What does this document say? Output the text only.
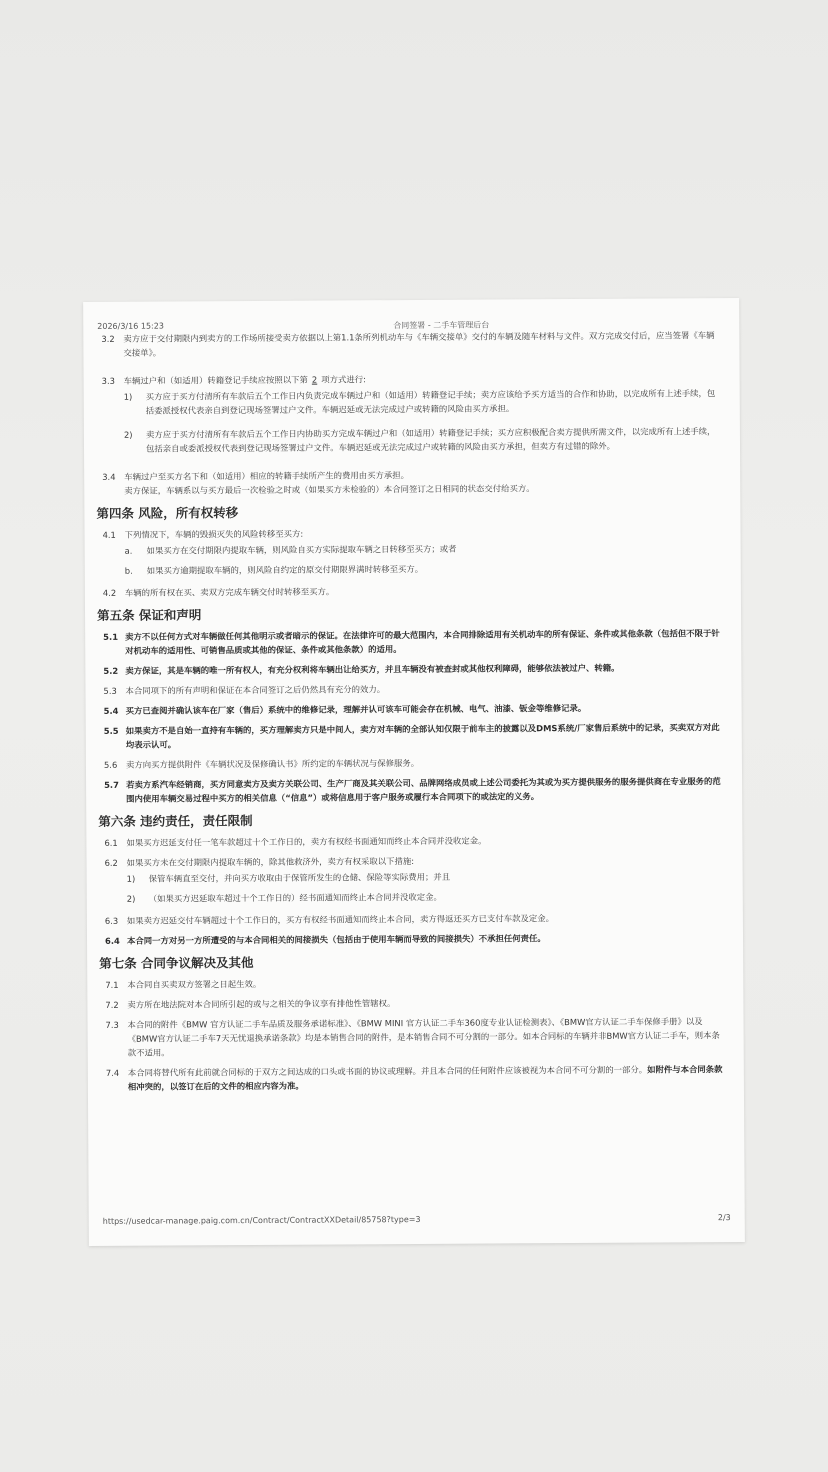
2026/3/16 15:23	合同签署 - 二手车管理后台
3.2	卖方应于交付期限内到卖方的工作场所接受卖方依据以上第1.1条所列机动车与《车辆交接单》交付的车辆及随车材料与文件。双方完成交付后，应当签署《车辆交接单》。
3.3	车辆过户和（如适用）转籍登记手续应按照以下第 2 项方式进行:
1)	买方应于买方付清所有车款后五个工作日内负责完成车辆过户和（如适用）转籍登记手续；卖方应该给予买方适当的合作和协助，以完成所有上述手续，包括委派授权代表亲自到登记现场签署过户文件。车辆迟延或无法完成过户或转籍的风险由买方承担。
2)	卖方应于买方付清所有车款后五个工作日内协助买方完成车辆过户和（如适用）转籍登记手续；买方应积极配合卖方提供所需文件，以完成所有上述手续，包括亲自或委派授权代表到登记现场签署过户文件。车辆迟延或无法完成过户或转籍的风险由买方承担，但卖方有过错的除外。
3.4	车辆过户至买方名下和（如适用）相应的转籍手续所产生的费用由买方承担。
卖方保证，车辆系以与买方最后一次检验之时或（如果买方未检验的）本合同签订之日相同的状态交付给买方。
第四条 风险，所有权转移
4.1	下列情况下，车辆的毁损灭失的风险转移至买方:
a.	如果买方在交付期限内提取车辆，则风险自买方实际提取车辆之日转移至买方；或者
b.	如果买方逾期提取车辆的，则风险自约定的原交付期限界满时转移至买方。
4.2	车辆的所有权在买、卖双方完成车辆交付时转移至买方。
第五条 保证和声明
5.1 卖方不以任何方式对车辆做任何其他明示或者暗示的保证。在法律许可的最大范围内，本合同排除适用有关机动车的所有保证、条件或其他条款（包括但不限于针对机动车的适用性、可销售品质或其他的保证、条件或其他条款）的适用。
5.2 卖方保证，其是车辆的唯一所有权人，有充分权利将车辆出让给买方，并且车辆没有被查封或其他权利障碍，能够依法被过户、转籍。
5.3	本合同项下的所有声明和保证在本合同签订之后仍然具有充分的效力。
5.4 买方已查阅并确认该车在厂家（售后）系统中的维修记录，理解并认可该车可能会存在机械、电气、油漆、钣金等维修记录。
5.5 如果卖方不是自始一直持有车辆的，买方理解卖方只是中间人，卖方对车辆的全部认知仅限于前车主的披露以及DMS系统/厂家售后系统中的记录，买卖双方对此均表示认可。
5.6	卖方向买方提供附件《车辆状况及保修确认书》所约定的车辆状况与保修服务。
5.7 若卖方系汽车经销商，买方同意卖方及卖方关联公司、生产厂商及其关联公司、品牌网络成员或上述公司委托为其或为买方提供服务的服务提供商在专业服务的范围内使用车辆交易过程中买方的相关信息（“信息”）或将信息用于客户服务或履行本合同项下的或法定的义务。
第六条 违约责任，责任限制
6.1	如果买方迟延支付任一笔车款超过十个工作日的，卖方有权经书面通知而终止本合同并没收定金。
6.2	如果买方未在交付期限内提取车辆的，除其他救济外，卖方有权采取以下措施:
1)	保管车辆直至交付，并向买方收取由于保管所发生的仓储、保险等实际费用；并且
2)	（如果买方迟延取车超过十个工作日的）经书面通知而终止本合同并没收定金。
6.3	如果卖方迟延交付车辆超过十个工作日的，买方有权经书面通知而终止本合同，卖方得返还买方已支付车款及定金。
6.4 本合同一方对另一方所遭受的与本合同相关的间接损失（包括由于使用车辆而导致的间接损失）不承担任何责任。
第七条 合同争议解决及其他
7.1	本合同自买卖双方签署之日起生效。
7.2	卖方所在地法院对本合同所引起的或与之相关的争议享有排他性管辖权。
7.3	本合同的附件《BMW 官方认证二手车品质及服务承诺标准》、《BMW MINI 官方认证二手车360度专业认证检测表》、《BMW官方认证二手车保修手册》以及《BMW官方认证二手车7天无忧退换承诺条款》均是本销售合同的附件，是本销售合同不可分割的一部分。如本合同标的车辆并非BMW官方认证二手车，则本条款不适用。
7.4	本合同将替代所有此前就合同标的于双方之间达成的口头或书面的协议或理解。并且本合同的任何附件应该被视为本合同不可分割的一部分。如附件与本合同条款相冲突的，以签订在后的文件的相应内容为准。
https://usedcar-manage.paig.com.cn/Contract/ContractXXDetail/85758?type=3	2/3
